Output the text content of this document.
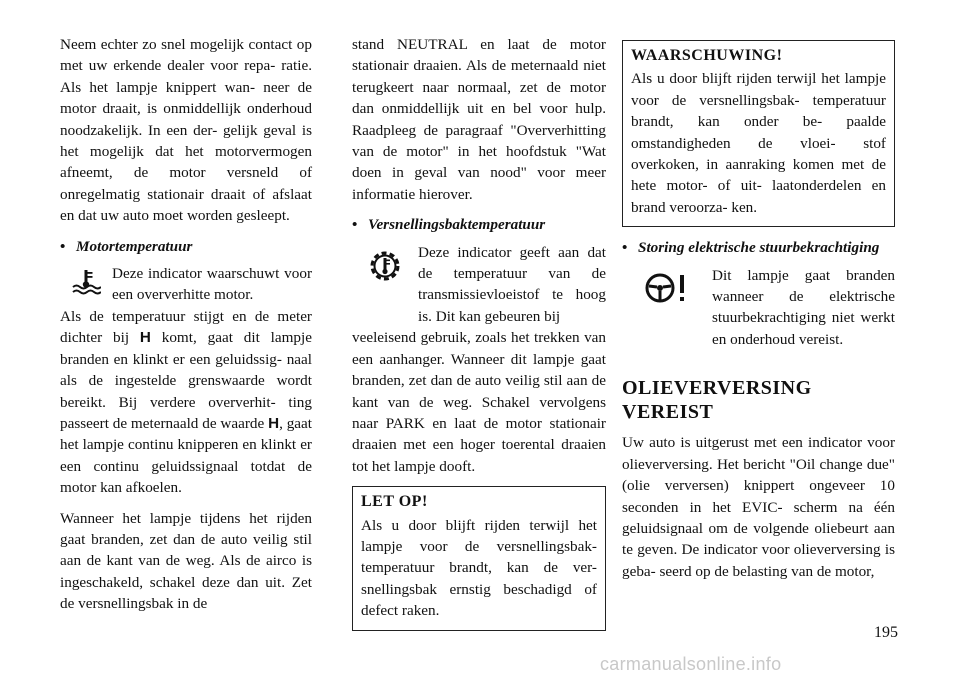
Neem echter zo snel mogelijk contact op met uw erkende dealer voor repa- ratie. Als het lampje knippert wan- neer de motor draait, is onmiddellijk onderhoud noodzakelijk. In een der- gelijk geval is het mogelijk dat het motorvermogen afneemt, de motor versneld of onregelmatig stationair draait of afslaat en dat uw auto moet worden gesleept.

• Motortemperatuur
Deze indicator waarschuwt voor een oververhitte motor.

Als de temperatuur stijgt en de meter dichter bij H komt, gaat dit lampje branden en klinkt er een geluidssig- naal als de ingestelde grenswaarde wordt bereikt. Bij verdere oververhit- ting passeert de meternaald de waarde H, gaat het lampje continu knipperen en klinkt er een continu geluidssignaal totdat de motor kan afkoelen.

Wanneer het lampje tijdens het rijden gaat branden, zet dan de auto veilig stil aan de kant van de weg. Als de airco is ingeschakeld, schakel deze dan uit. Zet de versnellingsbak in de

stand NEUTRAL en laat de motor stationair draaien. Als de meternaald niet terugkeert naar normaal, zet de motor dan onmiddellijk uit en bel voor hulp. Raadpleeg de paragraaf "Oververhitting van de motor" in het hoofdstuk "Wat doen in geval van nood" voor meer informatie hierover.

• Versnellingsbaktemperatuur
Deze indicator geeft aan dat de temperatuur van de transmissievloeistof te hoog is. Dit kan gebeuren bij

veeleisend gebruik, zoals het trekken van een aanhanger. Wanneer dit lampje gaat branden, zet dan de auto veilig stil aan de kant van de weg. Schakel vervolgens naar PARK en laat de motor stationair draaien met een hoger toerental draaien tot het lampje dooft.

LET OP!

Als u door blijft rijden terwijl het lampje voor de versnellingsbak- temperatuur brandt, kan de ver- snellingsbak ernstig beschadigd of defect raken.

WAARSCHUWING!

Als u door blijft rijden terwijl het lampje voor de versnellingsbak- temperatuur brandt, kan onder be- paalde omstandigheden de vloei- stof overkoken, in aanraking komen met de hete motor- of uit- laatonderdelen en brand veroorza- ken.

• Storing elektrische stuurbekrachtiging
Dit lampje gaat branden wanneer de elektrische stuurbekrachtiging niet werkt en onderhoud vereist.
OLIEVERVERSING VEREIST

Uw auto is uitgerust met een indicator voor olieverversing. Het bericht "Oil change due"(olie verversen) knippert ongeveer 10 seconden in het EVIC- scherm na één geluidsignaal om de volgende oliebeurt aan te geven. De indicator voor olieverversing is geba- seerd op de belasting van de motor,

195
carmanualsonline.info
